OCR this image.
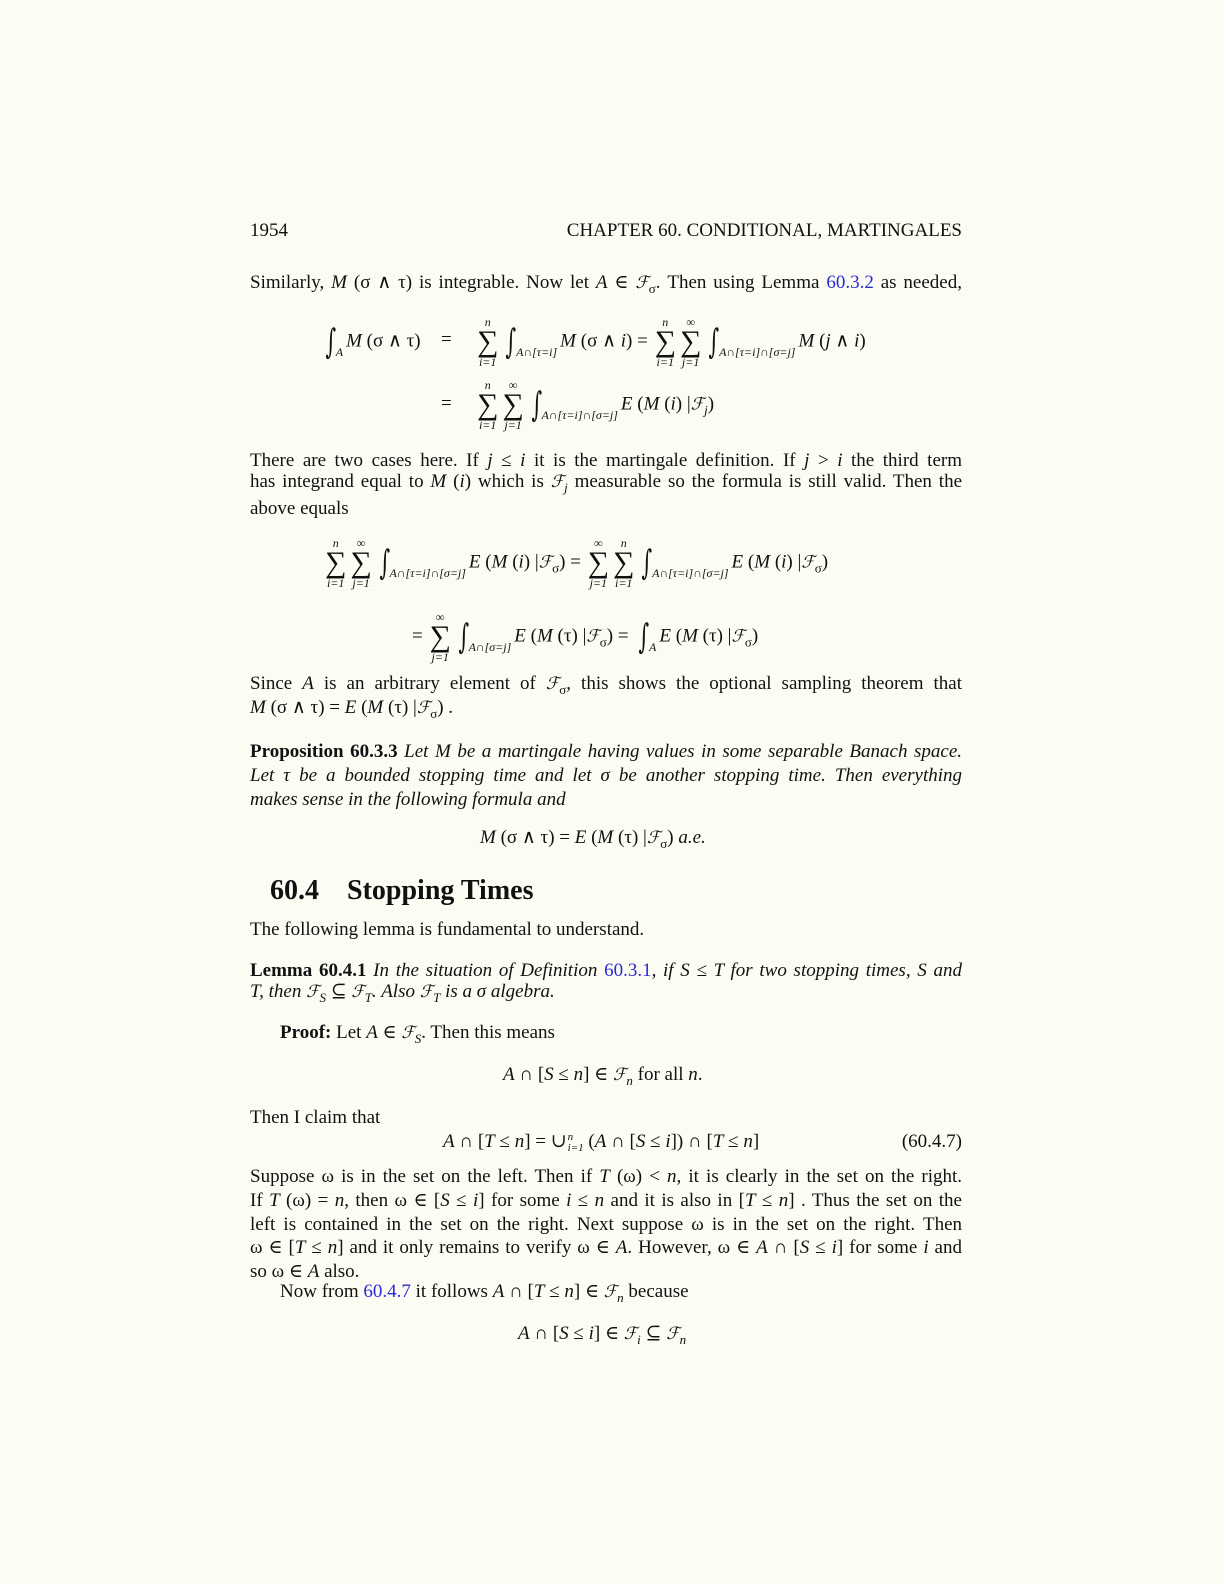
1954	CHAPTER 60. CONDITIONAL, MARTINGALES
60.4 Stopping Times
Similarly, M (σ ∧ τ) is integrable. Now let A ∈ ℱ$_\sigma$. Then using Lemma 60.3.2 as needed,
∫ A
M (σ ∧ τ) =
n
∑
i=1 ∫ A∩[τ=i]
M (σ ∧ i) =
n
∑
i=1
∞
∑
j=1 ∫ A∩[τ=i]∩[σ=j]
M (j ∧ i)
=
n
∑
i=1
∞
∑
j=1 ∫ A∩[τ=i]∩[σ=j]
E (M (i) |ℱ$_j$)
There are two cases here. If j ≤ i it is the martingale definition. If j > i the third term
has integrand equal to M (i) which is ℱ$_j$ measurable so the formula is still valid. Then the
above equals
n
∑
i=1
∞
∑
j=1 ∫ A∩[τ=i]∩[σ=j]
E (M (i) |ℱ$_\sigma$) =
∞
∑
j=1
n
∑
i=1 ∫ A∩[τ=i]∩[σ=j]
E (M (i) |ℱ$_\sigma$)
=
∞
∑
j=1 ∫ A∩[σ=j]
E (M (τ) |ℱ$_\sigma$) = ∫ A
E (M (τ) |ℱ$_\sigma$)
Since A is an arbitrary element of ℱ$_\sigma$, this shows the optional sampling theorem that
M (σ ∧ τ) = E (M (τ) |ℱ$_\sigma$) .
Proposition 60.3.3 Let M be a martingale having values in some separable Banach space.
Let τ be a bounded stopping time and let σ be another stopping time. Then everything
makes sense in the following formula and
M (σ ∧ τ) = E (M (τ) |ℱ$_\sigma$) a.e.
The following lemma is fundamental to understand.
Lemma 60.4.1 In the situation of Definition 60.3.1, if S ≤ T for two stopping times, S and
T, then ℱ$_S$ ⊆ ℱ$_T$. Also ℱ$_T$ is a σ algebra.
Proof: Let A ∈ ℱ$_S$. Then this means
A ∩ [S ≤ n] ∈ ℱ$_n$ for all n.
Then I claim that
A ∩ [T ≤ n] = ∪ n
i=1 (A ∩ [S ≤ i]) ∩ [T ≤ n]	(60.4.7)
Suppose ω is in the set on the left. Then if T (ω) < n, it is clearly in the set on the right.
If T (ω) = n, then ω ∈ [S ≤ i] for some i ≤ n and it is also in [T ≤ n] . Thus the set on the
left is contained in the set on the right. Next suppose ω is in the set on the right. Then
ω ∈ [T ≤ n] and it only remains to verify ω ∈ A. However, ω ∈ A ∩ [S ≤ i] for some i and
so ω ∈ A also.
Now from 60.4.7 it follows A ∩ [T ≤ n] ∈ ℱ$_n$ because
A ∩ [S ≤ i] ∈ ℱ$_i$ ⊆ ℱ$_n$
